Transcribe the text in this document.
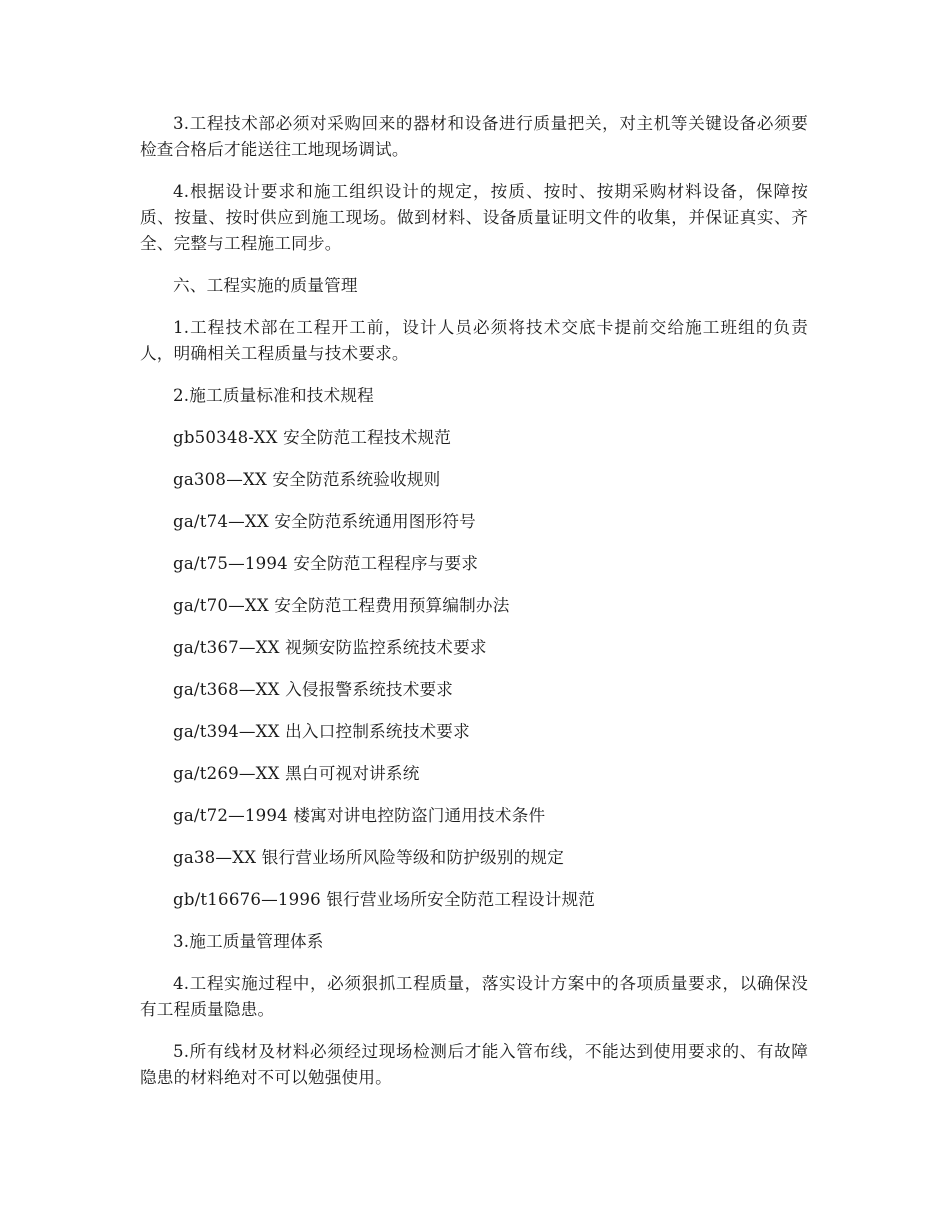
3.工程技术部必须对采购回来的器材和设备进行质量把关，对主机等关键设备必须要检查合格后才能送往工地现场调试。

4.根据设计要求和施工组织设计的规定，按质、按时、按期采购材料设备，保障按质、按量、按时供应到施工现场。做到材料、设备质量证明文件的收集，并保证真实、齐全、完整与工程施工同步。

六、工程实施的质量管理

1.工程技术部在工程开工前，设计人员必须将技术交底卡提前交给施工班组的负责人，明确相关工程质量与技术要求。

2.施工质量标准和技术规程

gb50348-XX 安全防范工程技术规范

ga308—XX 安全防范系统验收规则

ga/t74—XX 安全防范系统通用图形符号

ga/t75—1994 安全防范工程程序与要求

ga/t70—XX 安全防范工程费用预算编制办法

ga/t367—XX 视频安防监控系统技术要求

ga/t368—XX 入侵报警系统技术要求

ga/t394—XX 出入口控制系统技术要求

ga/t269—XX 黑白可视对讲系统

ga/t72—1994 楼寓对讲电控防盗门通用技术条件

ga38—XX 银行营业场所风险等级和防护级别的规定

gb/t16676—1996 银行营业场所安全防范工程设计规范

3.施工质量管理体系

4.工程实施过程中，必须狠抓工程质量，落实设计方案中的各项质量要求，以确保没有工程质量隐患。

5.所有线材及材料必须经过现场检测后才能入管布线，不能达到使用要求的、有故障隐患的材料绝对不可以勉强使用。
